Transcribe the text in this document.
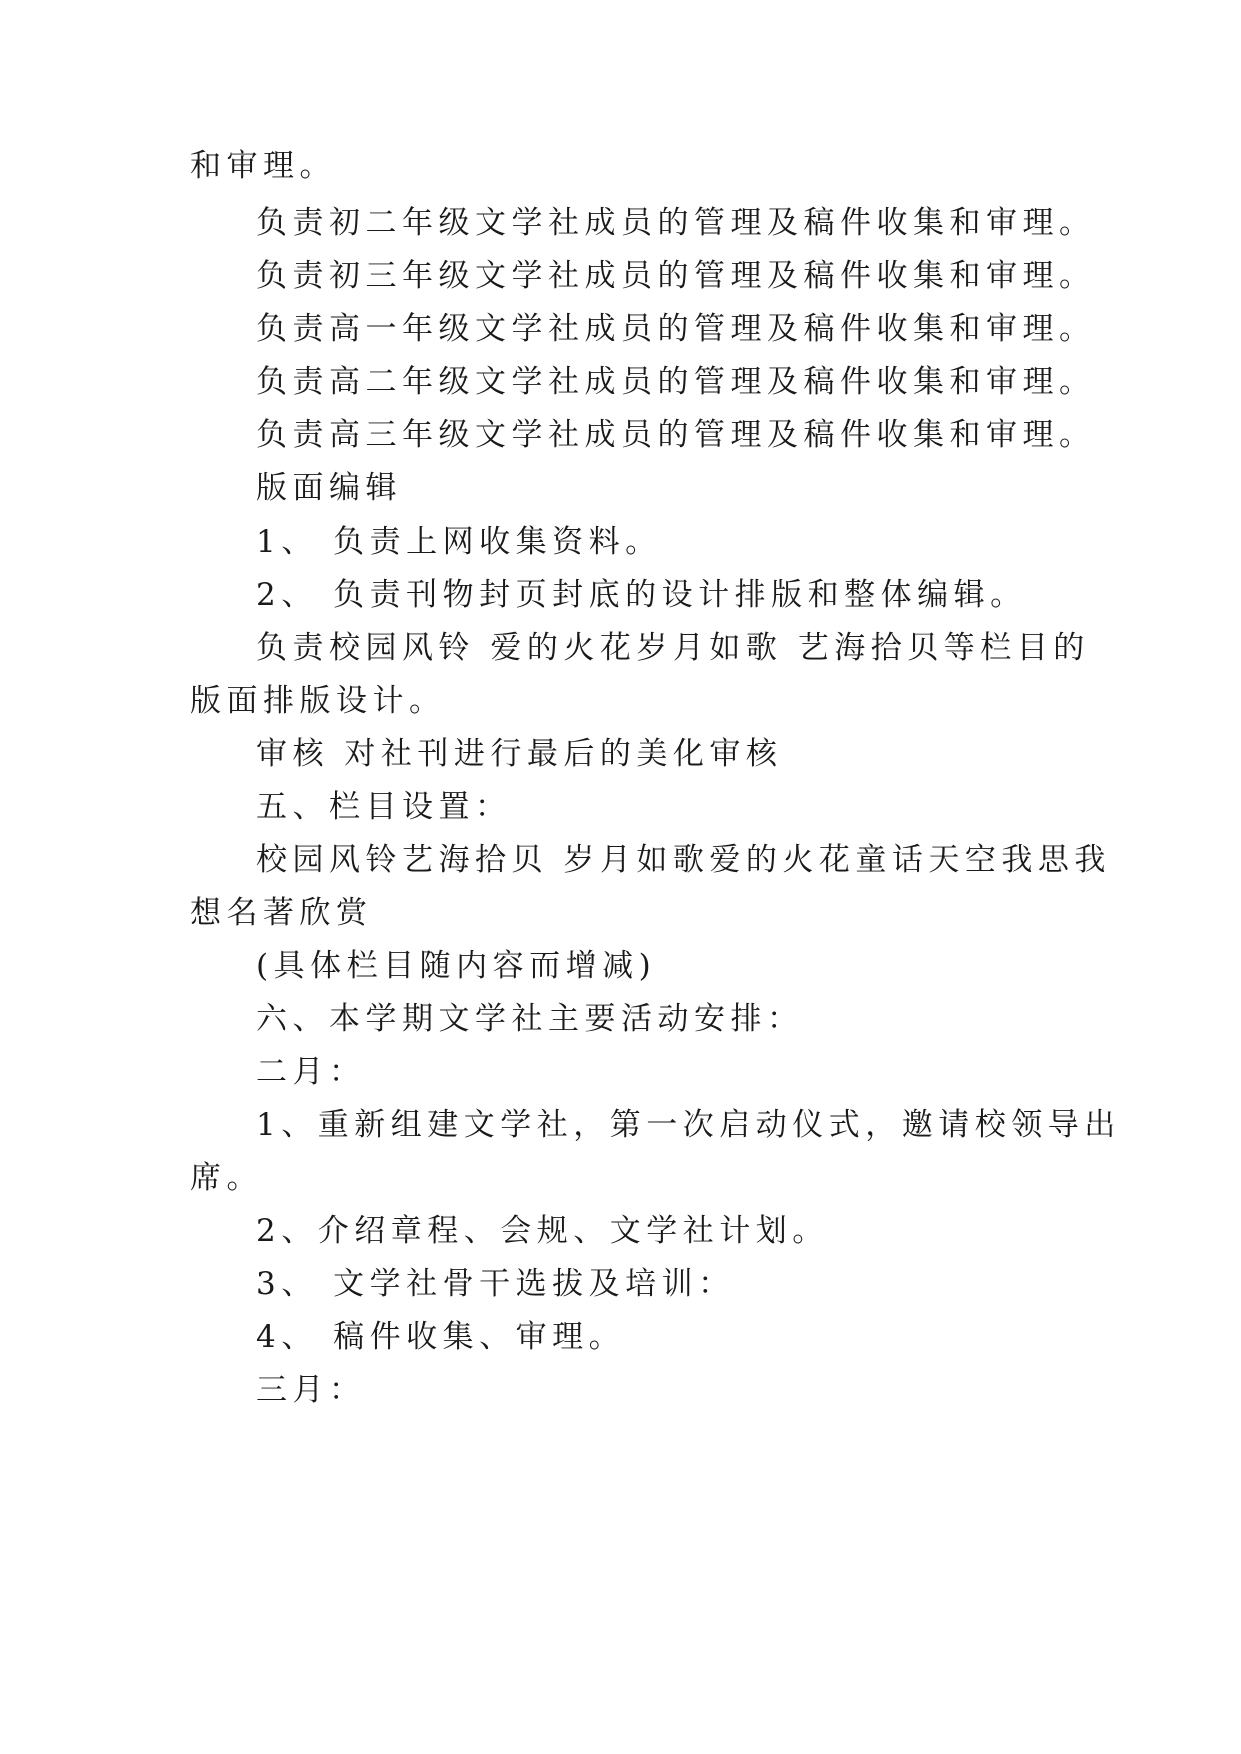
和审理。
负责初二年级文学社成员的管理及稿件收集和审理。
负责初三年级文学社成员的管理及稿件收集和审理。
负责高一年级文学社成员的管理及稿件收集和审理。
负责高二年级文学社成员的管理及稿件收集和审理。
负责高三年级文学社成员的管理及稿件收集和审理。
版面编辑
1、 负责上网收集资料。
2、 负责刊物封页封底的设计排版和整体编辑。
负责校园风铃 爱的火花岁月如歌 艺海拾贝等栏目的
版面排版设计。
审核 对社刊进行最后的美化审核
五、栏目设置：
校园风铃艺海拾贝 岁月如歌爱的火花童话天空我思我
想名著欣赏
(具体栏目随内容而增减)
六、本学期文学社主要活动安排：
二月：
1、重新组建文学社，第一次启动仪式，邀请校领导出
席。
2、介绍章程、会规、文学社计划。
3、 文学社骨干选拔及培训：
4、 稿件收集、审理。
三月：
